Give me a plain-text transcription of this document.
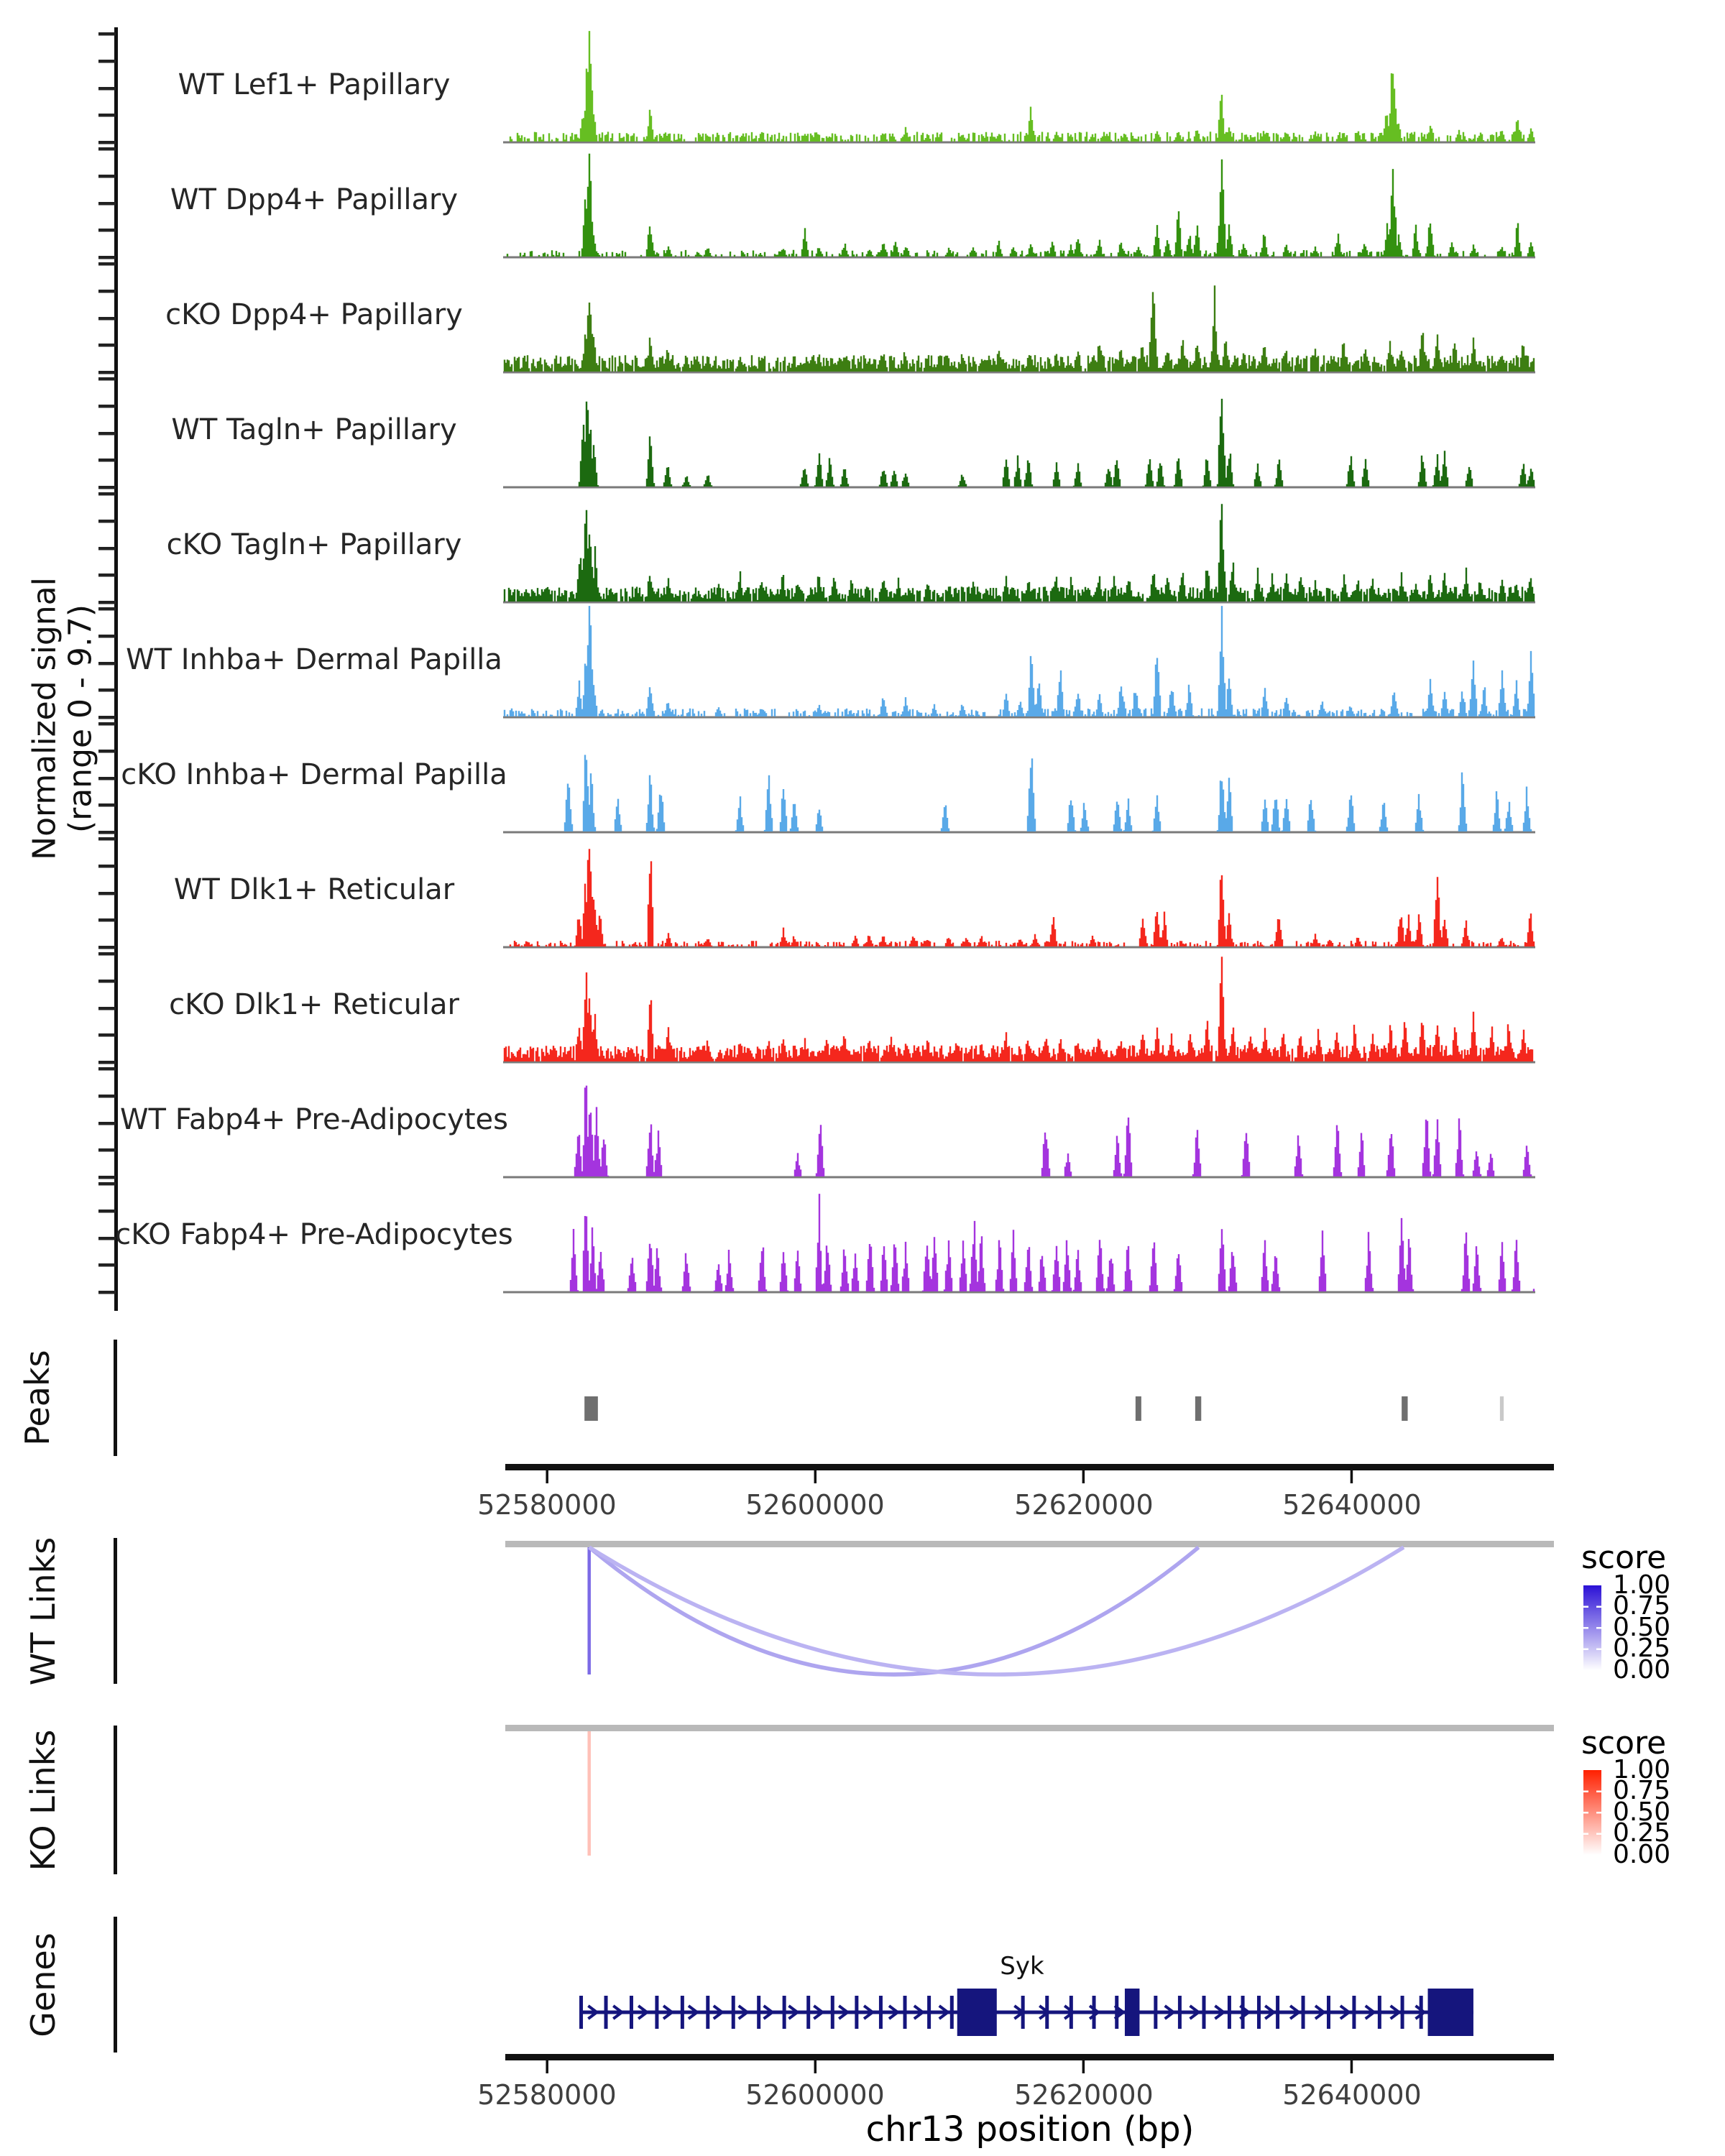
Normalized signal (range 0 - 9.7)
WT Lef1+ Papillary
WT Dpp4+ Papillary
cKO Dpp4+ Papillary
WT Tagln+ Papillary
cKO Tagln+ Papillary
WT Inhba+ Dermal Papilla
cKO Inhba+ Dermal Papilla
WT Dlk1+ Reticular
cKO Dlk1+ Reticular
WT Fabp4+ Pre-Adipocytes
cKO Fabp4+ Pre-Adipocytes
Peaks
WT Links
KO Links
Genes
52580000	52600000	52620000	52640000
score
1.00
0.75
0.50
0.25
0.00
score
1.00
0.75
0.50
0.25
0.00
Syk
52580000	52600000	52620000	52640000
chr13 position (bp)
